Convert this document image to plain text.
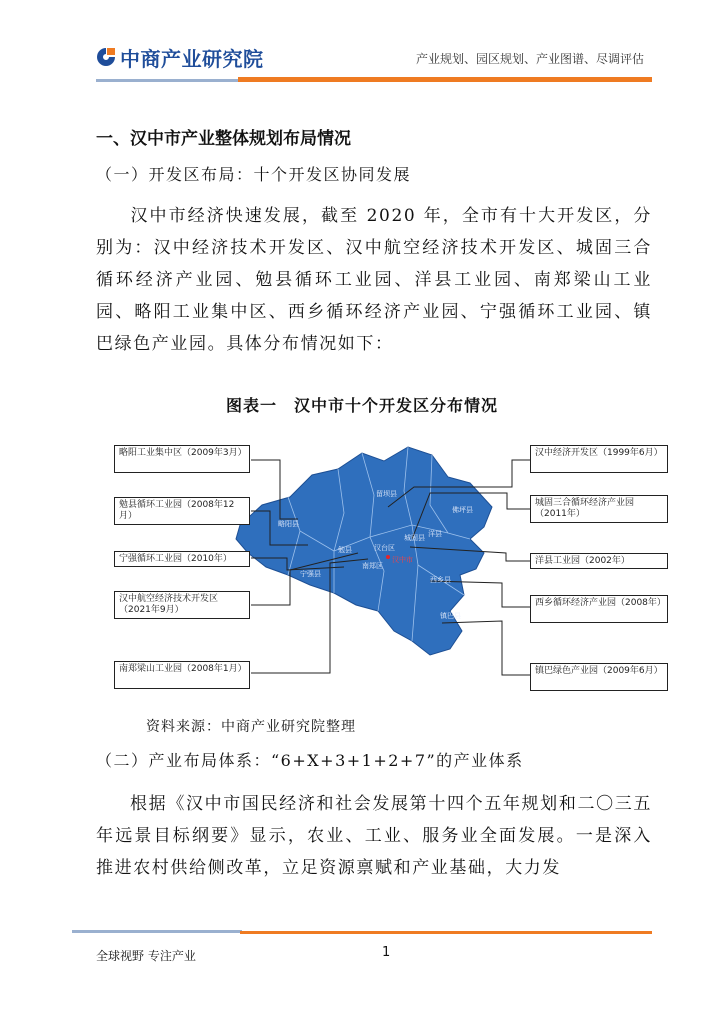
中商产业研究院	产业规划、园区规划、产业图谱、尽调评估
一、汉中市产业整体规划布局情况
（一）开发区布局：十个开发区协同发展
汉中市经济快速发展，截至 2020 年，全市有十大开发区，分别为：汉中经济技术开发区、汉中航空经济技术开发区、城固三合循环经济产业园、勉县循环工业园、洋县工业园、南郑梁山工业园、略阳工业集中区、西乡循环经济产业园、宁强循环工业园、镇巴绿色产业园。具体分布情况如下：
图表一　汉中市十个开发区分布情况
略阳县
勉县
宁强县
南郑区
汉台区
城固县 洋县
佛坪县
西乡县
镇巴县
留坝县
汉中市
略阳工业集中区（2009年3月）
勉县循环工业园（2008年12月）
宁强循环工业园（2010年）
汉中航空经济技术开发区（2021年9月）
南郑梁山工业园（2008年1月）
汉中经济开发区（1999年6月）
城固三合循环经济产业园（2011年）
洋县工业园（2002年）
西乡循环经济产业园（2008年）
镇巴绿色产业园（2009年6月）
资料来源：中商产业研究院整理
（二）产业布局体系：“6+X+3+1+2+7”的产业体系
根据《汉中市国民经济和社会发展第十四个五年规划和二〇三五年远景目标纲要》显示，农业、工业、服务业全面发展。一是深入推进农村供给侧改革，立足资源禀赋和产业基础，大力发
全球视野 专注产业	1
